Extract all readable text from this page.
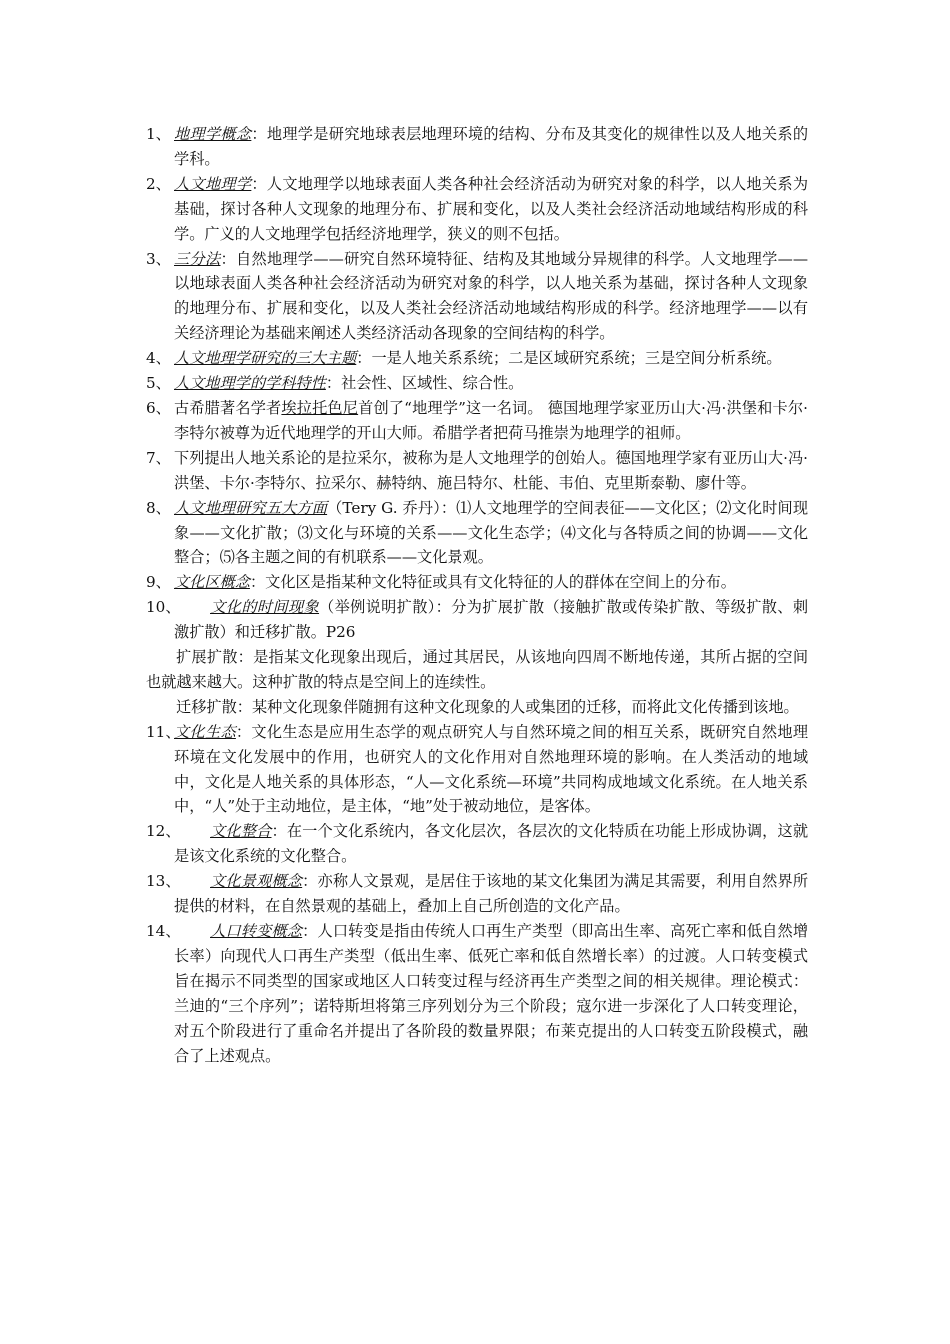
1、 地理学概念：地理学是研究地球表层地理环境的结构、分布及其变化的规律性以及人地关系的学科。
2、 人文地理学：人文地理学以地球表面人类各种社会经济活动为研究对象的科学，以人地关系为基础，探讨各种人文现象的地理分布、扩展和变化，以及人类社会经济活动地域结构形成的科学。广义的人文地理学包括经济地理学，狭义的则不包括。
3、 三分法：自然地理学——研究自然环境特征、结构及其地域分异规律的科学。人文地理学——以地球表面人类各种社会经济活动为研究对象的科学，以人地关系为基础，探讨各种人文现象的地理分布、扩展和变化，以及人类社会经济活动地域结构形成的科学。经济地理学——以有关经济理论为基础来阐述人类经济活动各现象的空间结构的科学。
4、 人文地理学研究的三大主题：一是人地关系系统；二是区域研究系统；三是空间分析系统。
5、 人文地理学的学科特性：社会性、区域性、综合性。
6、 古希腊著名学者埃拉托色尼首创了“地理学”这一名词。 德国地理学家亚历山大·冯·洪堡和卡尔·李特尔被尊为近代地理学的开山大师。希腊学者把荷马推崇为地理学的祖师。
7、 下列提出人地关系论的是拉采尔，被称为是人文地理学的创始人。德国地理学家有亚历山大·冯·洪堡、卡尔·李特尔、拉采尔、赫特纳、施吕特尔、杜能、韦伯、克里斯泰勒、廖什等。
8、 人文地理研究五大方面（Tery G. 乔丹）：⑴人文地理学的空间表征——文化区；⑵文化时间现象——文化扩散；⑶文化与环境的关系——文化生态学；⑷文化与各特质之间的协调——文化整合；⑸各主题之间的有机联系——文化景观。
9、 文化区概念：文化区是指某种文化特征或具有文化特征的人的群体在空间上的分布。
10、 文化的时间现象（举例说明扩散）：分为扩展扩散（接触扩散或传染扩散、等级扩散、刺激扩散）和迁移扩散。P26
扩展扩散：是指某文化现象出现后，通过其居民，从该地向四周不断地传递，其所占据的空间也就越来越大。这种扩散的特点是空间上的连续性。
迁移扩散：某种文化现象伴随拥有这种文化现象的人或集团的迁移，而将此文化传播到该地。
11、
文化生态：文化生态是应用生态学的观点研究人与自然环境之间的相互关系，既研究自然地理环境在文化发展中的作用，也研究人的文化作用对自然地理环境的影响。在人类活动的地域中，文化是人地关系的具体形态，“人—文化系统—环境”共同构成地域文化系统。在人地关系中，“人”处于主动地位，是主体，“地”处于被动地位，是客体。
12、 文化整合：在一个文化系统内，各文化层次，各层次的文化特质在功能上形成协调，这就是该文化系统的文化整合。
13、 文化景观概念：亦称人文景观，是居住于该地的某文化集团为满足其需要，利用自然界所提供的材料，在自然景观的基础上，叠加上自己所创造的文化产品。
14、 人口转变概念：人口转变是指由传统人口再生产类型（即高出生率、高死亡率和低自然增长率）向现代人口再生产类型（低出生率、低死亡率和低自然增长率）的过渡。人口转变模式旨在揭示不同类型的国家或地区人口转变过程与经济再生产类型之间的相关规律。理论模式：兰迪的“三个序列”；诺特斯坦将第三序列划分为三个阶段；寇尔进一步深化了人口转变理论，对五个阶段进行了重命名并提出了各阶段的数量界限；布莱克提出的人口转变五阶段模式，融合了上述观点。
